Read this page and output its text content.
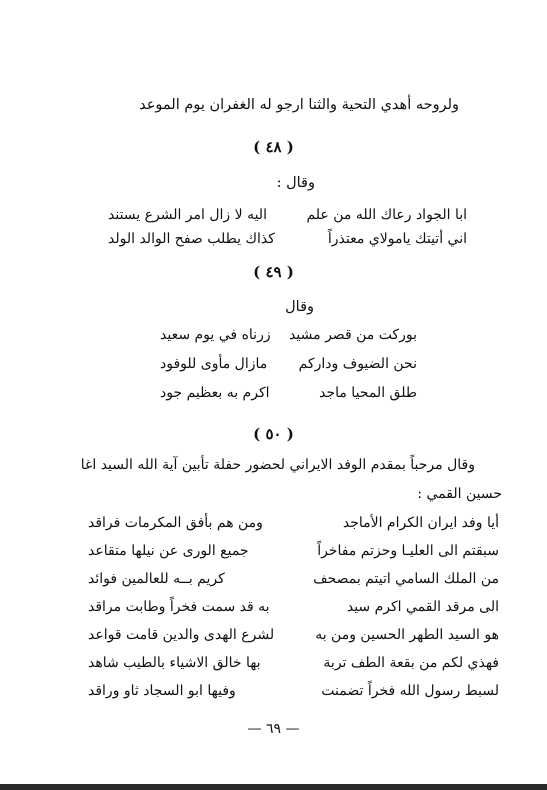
ولروحه أهدي التحية والثنا ارجو له الغفران يوم الموعد
( ٤٨ )
وقال :
ابا الجواد رعاك الله من علم
اليه لا زال امر الشرع يستند
اني أتيتك يامولاي معتذراً
كذاك يطلب صفح الوالد الولد
( ٤٩ )
وقال
بوركت من قصر مشيد
زرناه في يوم سعيد
نحن الضيوف وداركم
مازال مأوى للوفود
طلق المحيا ماجد
اكرم به بعظيم جود
( ٥٠ )
وقال مرحباً بمقدم الوفد الايراني لحضور حفلة تأبين آية الله السيد اغا
حسين القمي :
أيا وفد ايران الكرام الأماجد
ومن هم بأفق المكرمات فراقد
سبقتم الى العليـا وحزتم مفاخراً
جميع الورى عن نيلها متقاعد
من الملك السامي اتيتم بمصحف
كريم بــه للعالمين فوائد
الى مرقد القمي اكرم سيد
به قد سمت فخراً وطابت مراقد
هو السيد الطهر الحسين ومن به
لشرع الهدى والدين قامت قواعد
فهذي لكم من بقعة الطف تربة
بها خالق الاشياء بالطيب شاهد
لسبط رسول الله فخراً تضمنت
وفيها ابو السجاد ثاو وراقد
— ٦٩ —
